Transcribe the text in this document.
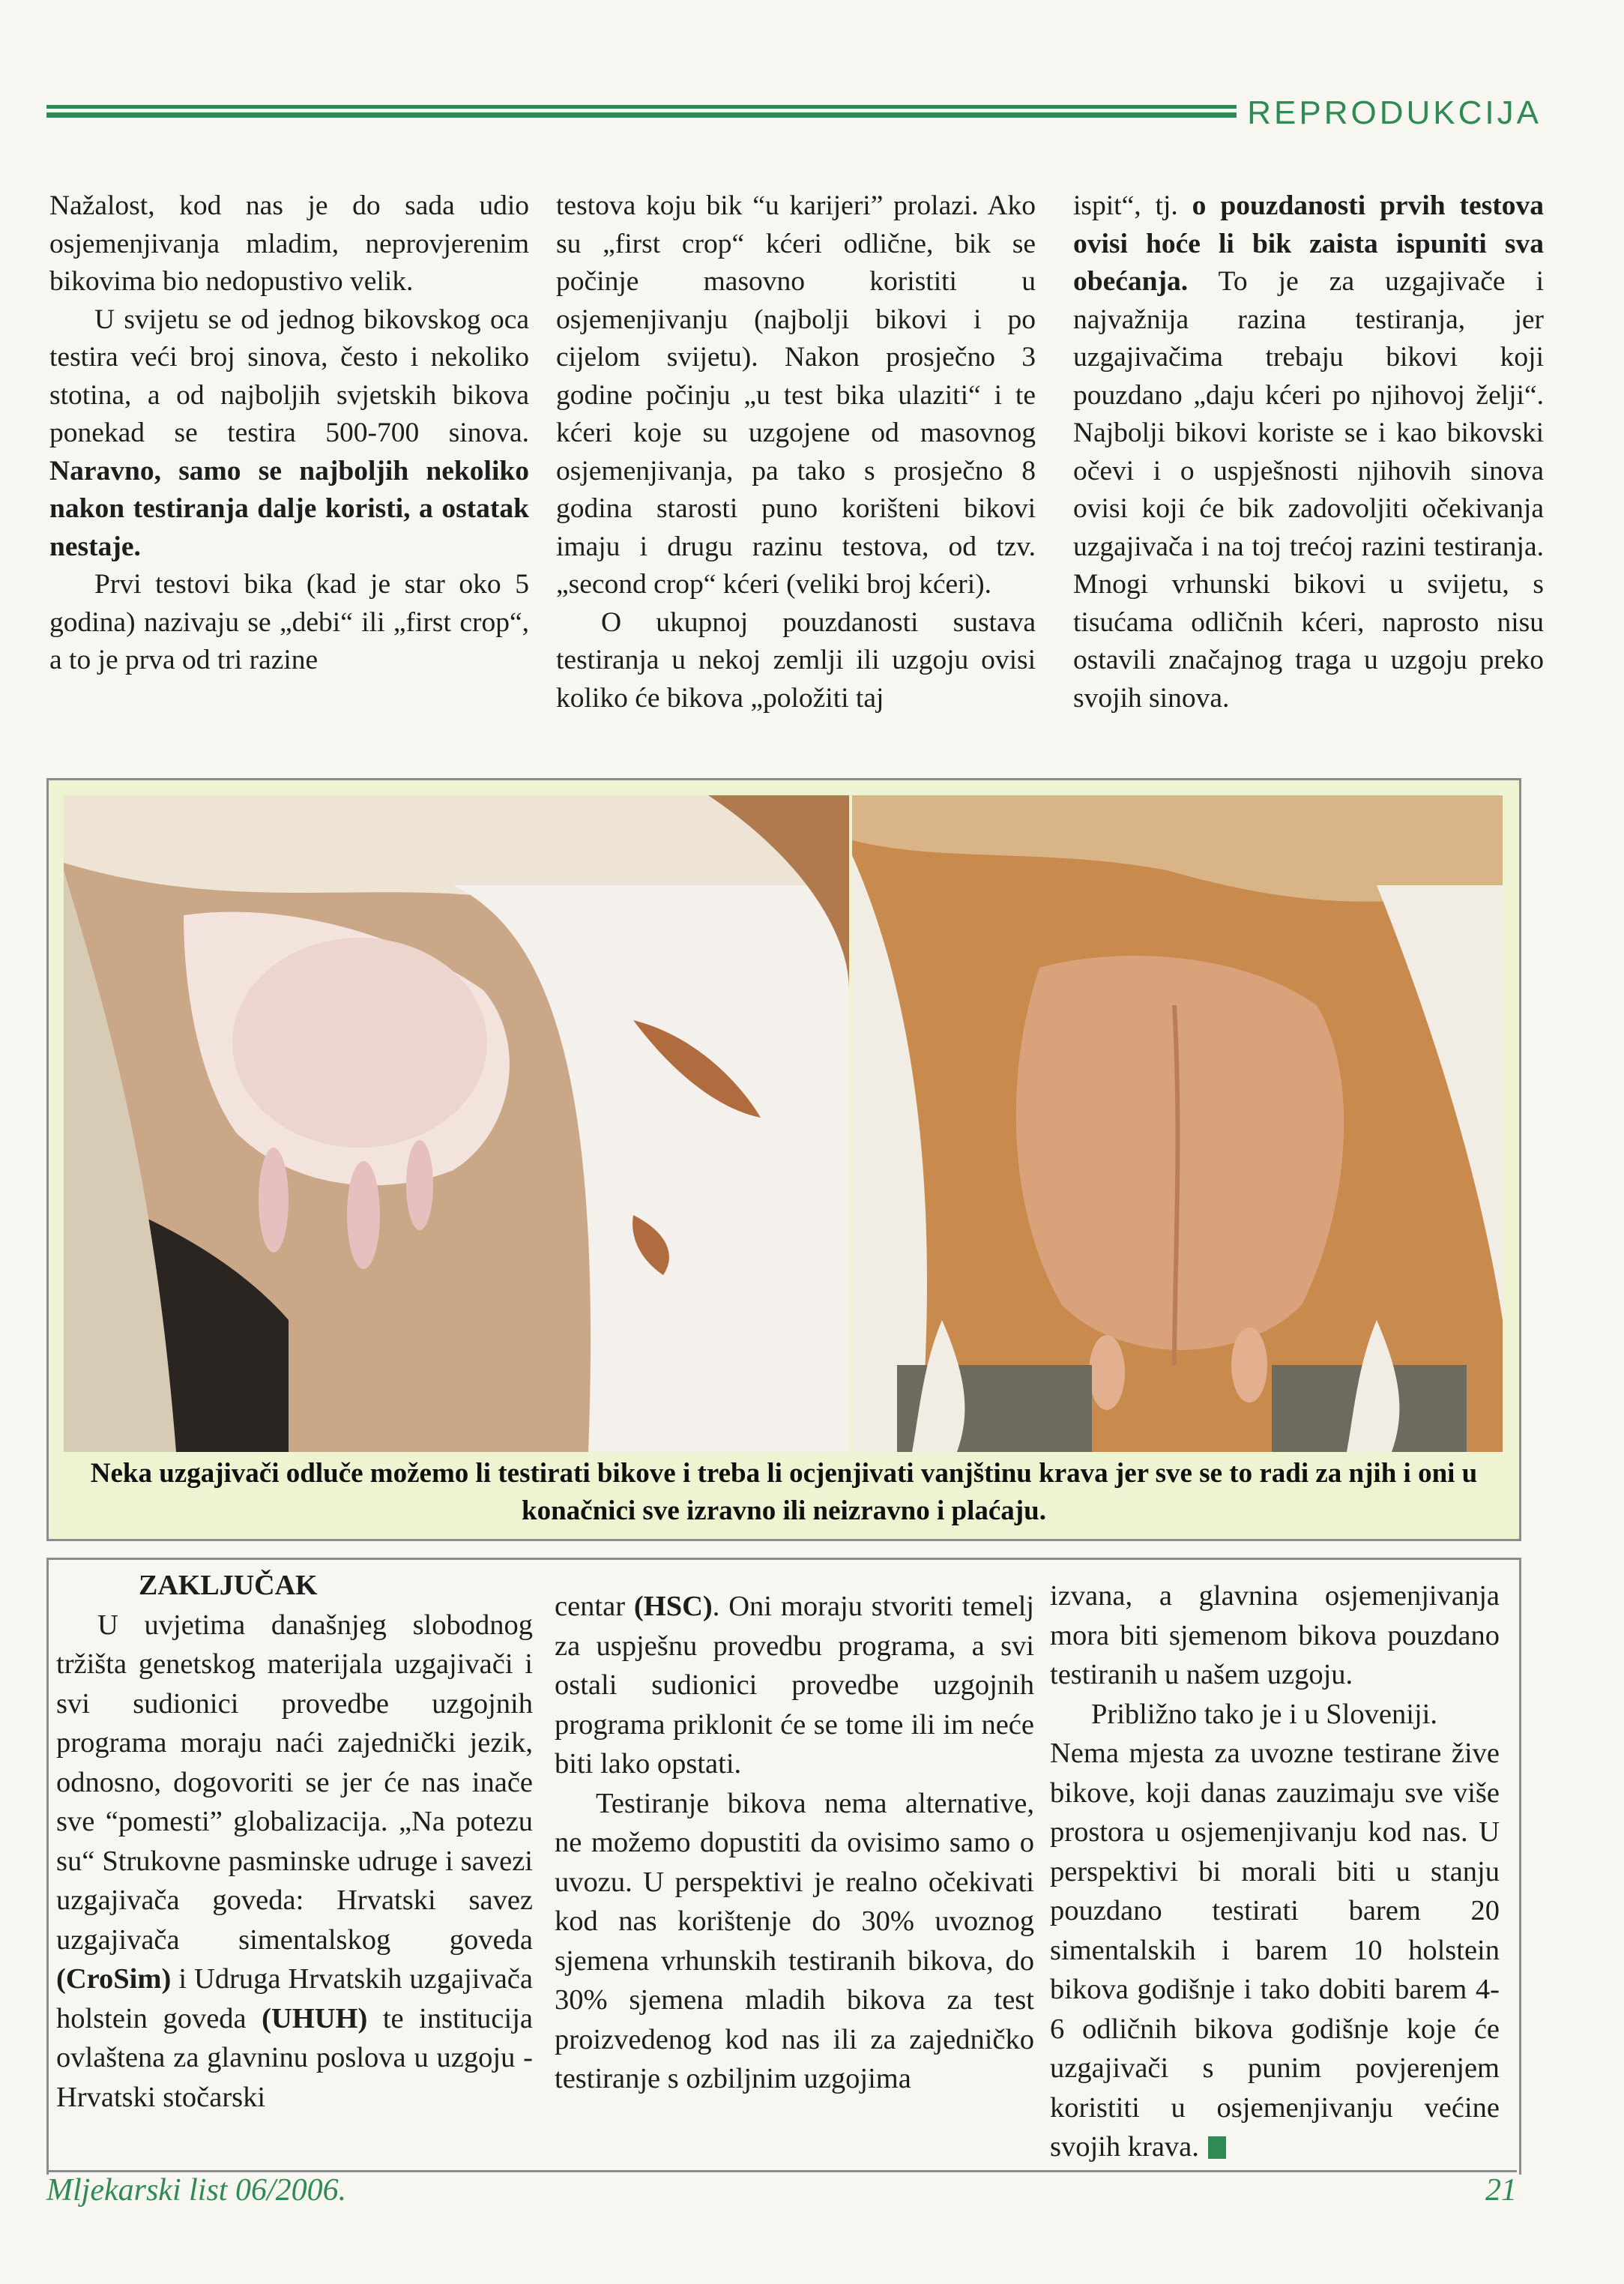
REPRODUKCIJA

Nažalost, kod nas je do sada udio osjemenjivanja mladim, neprovjerenim bikovima bio nedopustivo velik.

U svijetu se od jednog bikovskog oca testira veći broj sinova, često i nekoliko stotina, a od najboljih svjetskih bikova ponekad se testira 500-700 sinova. Naravno, samo se najboljih nekoliko nakon testiranja dalje koristi, a ostatak nestaje.

Prvi testovi bika (kad je star oko 5 godina) nazivaju se „debi“ ili „first crop“, a to je prva od tri razine

testova koju bik “u karijeri” prolazi. Ako su „first crop“ kćeri odlične, bik se počinje masovno koristiti u osjemenjivanju (najbolji bikovi i po cijelom svijetu). Nakon prosječno 3 godine počinju „u test bika ulaziti“ i te kćeri koje su uzgojene od masovnog osjemenjivanja, pa tako s prosječno 8 godina starosti puno korišteni bikovi imaju i drugu razinu testova, od tzv. „second crop“ kćeri (veliki broj kćeri).

O ukupnoj pouzdanosti sustava testiranja u nekoj zemlji ili uzgoju ovisi koliko će bikova „položiti taj

ispit“, tj. o pouzdanosti prvih testova ovisi hoće li bik zaista ispuniti sva obećanja. To je za uzgajivače i najvažnija razina testiranja, jer uzgajivačima trebaju bikovi koji pouzdano „daju kćeri po njihovoj želji“. Najbolji bikovi koriste se i kao bikovski očevi i o uspješnosti njihovih sinova ovisi koji će bik zadovoljiti očekivanja uzgajivača i na toj trećoj razini testiranja. Mnogi vrhunski bikovi u svijetu, s tisućama odličnih kćeri, naprosto nisu ostavili značajnog traga u uzgoju preko svojih sinova.

Neka uzgajivači odluče možemo li testirati bikove i treba li ocjenjivati vanjštinu krava jer sve se to radi za njih i oni u konačnici sve izravno ili neizravno i plaćaju.
ZAKLJUČAK

U uvjetima današnjeg slobodnog tržišta genetskog materijala uzgajivači i svi sudionici provedbe uzgojnih programa moraju naći zajednički jezik, odnosno, dogovoriti se jer će nas inače sve “pomesti” globalizacija. „Na potezu su“ Strukovne pasminske udruge i savezi uzgajivača goveda: Hrvatski savez uzgajivača simentalskog goveda (CroSim) i Udruga Hrvatskih uzgajivača holstein goveda (UHUH) te institucija ovlaštena za glavninu poslova u uzgoju - Hrvatski stočarski

centar (HSC). Oni moraju stvoriti temelj za uspješnu provedbu programa, a svi ostali sudionici provedbe uzgojnih programa priklonit će se tome ili im neće biti lako opstati.

Testiranje bikova nema alternative, ne možemo dopustiti da ovisimo samo o uvozu. U perspektivi je realno očekivati kod nas korištenje do 30% uvoznog sjemena vrhunskih testiranih bikova, do 30% sjemena mladih bikova za test proizvedenog kod nas ili za zajedničko testiranje s ozbiljnim uzgojima

izvana, a glavnina osjemenjivanja mora biti sjemenom bikova pouzdano testiranih u našem uzgoju.

Približno tako je i u Sloveniji.

Nema mjesta za uvozne testirane žive bikove, koji danas zauzimaju sve više prostora u osjemenjivanju kod nas. U perspektivi bi morali biti u stanju pouzdano testirati barem 20 simentalskih i barem 10 holstein bikova godišnje i tako dobiti barem 4-6 odličnih bikova godišnje koje će uzgajivači s punim povjerenjem koristiti u osjemenjivanju većine svojih krava.

Mljekarski list 06/2006.	21
